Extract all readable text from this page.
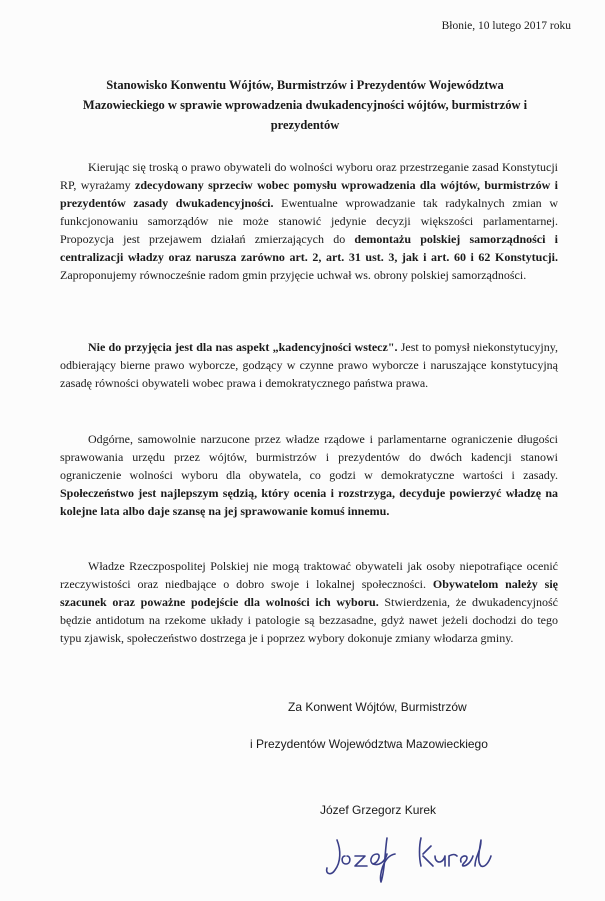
Błonie, 10 lutego 2017 roku
Stanowisko Konwentu Wójtów, Burmistrzów i Prezydentów Województwa
Mazowieckiego w sprawie wprowadzenia dwukadencyjności wójtów, burmistrzów i
prezydentów

Kierując się troską o prawo obywateli do wolności wyboru oraz przestrzeganie zasad Konstytucji RP, wyrażamy zdecydowany sprzeciw wobec pomysłu wprowadzenia dla wójtów, burmistrzów i prezydentów zasady dwukadencyjności. Ewentualne wprowadzanie tak radykalnych zmian w funkcjonowaniu samorządów nie może stanowić jedynie decyzji większości parlamentarnej. Propozycja jest przejawem działań zmierzających do demontażu polskiej samorządności i centralizacji władzy oraz narusza zarówno art. 2, art. 31 ust. 3, jak i art. 60 i 62 Konstytucji. Zaproponujemy równocześnie radom gmin przyjęcie uchwał ws. obrony polskiej samorządności.

Nie do przyjęcia jest dla nas aspekt „kadencyjności wstecz". Jest to pomysł niekonstytucyjny, odbierający bierne prawo wyborcze, godzący w czynne prawo wyborcze i naruszające konstytucyjną zasadę równości obywateli wobec prawa i demokratycznego państwa prawa.

Odgórne, samowolnie narzucone przez władze rządowe i parlamentarne ograniczenie długości sprawowania urzędu przez wójtów, burmistrzów i prezydentów do dwóch kadencji stanowi ograniczenie wolności wyboru dla obywatela, co godzi w demokratyczne wartości i zasady. Społeczeństwo jest najlepszym sędzią, który ocenia i rozstrzyga, decyduje powierzyć władzę na kolejne lata albo daje szansę na jej sprawowanie komuś innemu.

Władze Rzeczpospolitej Polskiej nie mogą traktować obywateli jak osoby niepotrafiące ocenić rzeczywistości oraz niedbające o dobro swoje i lokalnej społeczności. Obywatelom należy się szacunek oraz poważne podejście dla wolności ich wyboru. Stwierdzenia, że dwukadencyjność będzie antidotum na rzekome układy i patologie są bezzasadne, gdyż nawet jeżeli dochodzi do tego typu zjawisk, społeczeństwo dostrzega je i poprzez wybory dokonuje zmiany włodarza gminy.

Za Konwent Wójtów, Burmistrzów
i Prezydentów Województwa Mazowieckiego
Józef Grzegorz Kurek
